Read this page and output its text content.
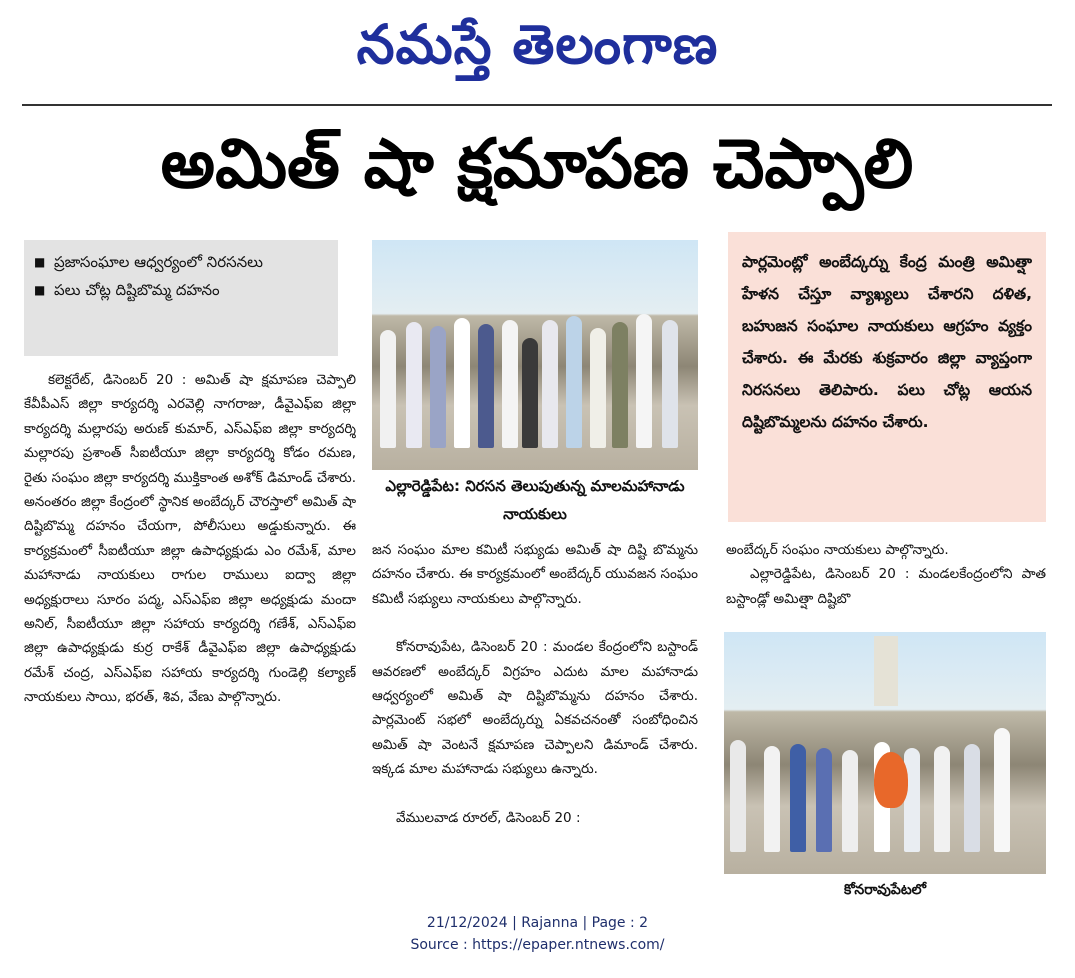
నమస్తే తెలంగాణ
అమిత్ షా క్షమాపణ చెప్పాలి
■ ప్రజాసంఘాల ఆధ్వర్యంలో నిరసనలు
■ పలు చోట్ల దిష్టిబొమ్మ దహనం

కలెక్టరేట్, డిసెంబర్ 20 : అమిత్ షా క్షమాపణ చెప్పాలి కేవీపీఎస్ జిల్లా కార్యదర్శి ఎరవెల్లి నాగరాజు, డీవైఎఫ్ఐ జిల్లా కార్యదర్శి మల్లారపు అరుణ్ కుమార్, ఎస్ఎఫ్ఐ జిల్లా కార్యదర్శి మల్లారపు ప్రశాంత్ సీఐటీయూ జిల్లా కార్యదర్శి కోడం రమణ, రైతు సంఘం జిల్లా కార్యదర్శి ముక్తికాంత అశోక్ డిమాండ్ చేశారు. అనంతరం జిల్లా కేంద్రంలో స్థానిక అంబేద్కర్ చౌరస్తాలో అమిత్ షా దిష్టిబొమ్మ దహనం చేయగా, పోలీసులు అడ్డుకున్నారు. ఈ కార్యక్రమంలో సీఐటీయూ జిల్లా ఉపాధ్యక్షుడు ఎం రమేశ్, మాల మహానాడు నాయకులు రాగుల రాములు ఐద్వా జిల్లా అధ్యక్షురాలు సూరం పద్మ, ఎస్ఎఫ్ఐ జిల్లా అధ్యక్షుడు మందా అనిల్, సీఐటీయూ జిల్లా సహాయ కార్యదర్శి గణేశ్, ఎస్ఎఫ్ఐ జిల్లా ఉపాధ్యక్షుడు కుర్ర రాకేశ్ డీవైఎఫ్ఐ జిల్లా ఉపాధ్యక్షుడు రమేశ్ చంద్ర, ఎస్ఎఫ్ఐ సహాయ కార్యదర్శి గుండెల్లి కల్యాణ్ నాయకులు సాయి, భరత్, శివ, వేణు పాల్గొన్నారు.

ఎల్లారెడ్డిపేట: నిరసన తెలుపుతున్న మాలమహానాడు నాయకులు

జన సంఘం మాల కమిటీ సభ్యుడు అమిత్ షా దిష్టి బొమ్మను దహనం చేశారు. ఈ కార్యక్రమంలో అంబేద్కర్ యువజన సంఘం కమిటీ సభ్యులు నాయకులు పాల్గొన్నారు.

కోనరావుపేట, డిసెంబర్ 20 : మండల కేంద్రంలోని బస్టాండ్ ఆవరణలో అంబేద్కర్ విగ్రహం ఎదుట మాల మహానాడు ఆధ్వర్యంలో అమిత్ షా దిష్టిబొమ్మను దహనం చేశారు. పార్లమెంట్ సభలో అంబేద్కర్ను ఏకవచనంతో సంబోధించిన అమిత్ షా వెంటనే క్షమాపణ చెప్పాలని డిమాండ్ చేశారు. ఇక్కడ మాల మహానాడు సభ్యులు ఉన్నారు.

వేములవాడ రూరల్, డిసెంబర్ 20 :

పార్లమెంట్లో అంబేద్కర్ను కేంద్ర మంత్రి అమిత్షా హేళన చేస్తూ వ్యాఖ్యలు చేశారని దళిత, బహుజన సంఘాల నాయకులు ఆగ్రహం వ్యక్తం చేశారు. ఈ మేరకు శుక్రవారం జిల్లా వ్యాప్తంగా నిరసనలు తెలిపారు. పలు చోట్ల ఆయన దిష్టిబొమ్మలను దహనం చేశారు.

అంబేద్కర్ సంఘం నాయకులు పాల్గొన్నారు.

ఎల్లారెడ్డిపేట, డిసెంబర్ 20 : మండలకేంద్రంలోని పాత బస్టాండ్లో అమిత్షా దిష్టిబొ

కోనరావుపేటలో
21/12/2024 | Rajanna | Page : 2
Source : https://epaper.ntnews.com/
